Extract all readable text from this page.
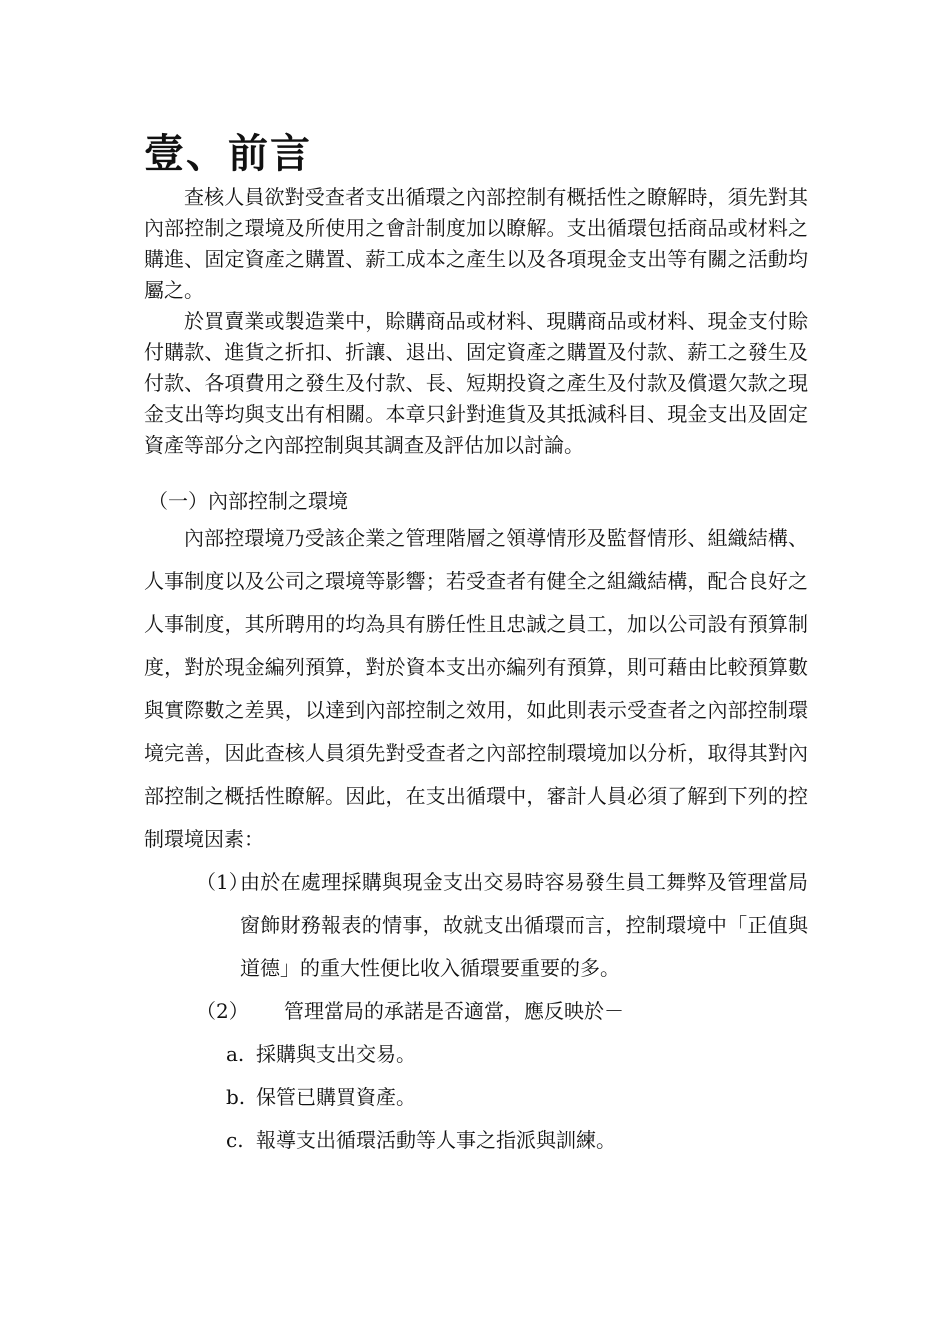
壹、前言

查核人員欲對受查者支出循環之內部控制有概括性之瞭解時，須先對其內部控制之環境及所使用之會計制度加以瞭解。支出循環包括商品或材料之購進、固定資產之購置、薪工成本之產生以及各項現金支出等有關之活動均屬之。

於買賣業或製造業中，賒購商品或材料、現購商品或材料、現金支付賒付購款、進貨之折扣、折讓、退出、固定資產之購置及付款、薪工之發生及付款、各項費用之發生及付款、長、短期投資之產生及付款及償還欠款之現金支出等均與支出有相關。本章只針對進貨及其抵減科目、現金支出及固定資產等部分之內部控制與其調查及評估加以討論。

（一）內部控制之環境

內部控環境乃受該企業之管理階層之領導情形及監督情形、組織結構、人事制度以及公司之環境等影響；若受查者有健全之組織結構，配合良好之人事制度，其所聘用的均為具有勝任性且忠誠之員工，加以公司設有預算制度，對於現金編列預算，對於資本支出亦編列有預算，則可藉由比較預算數與實際數之差異，以達到內部控制之效用，如此則表示受查者之內部控制環境完善，因此查核人員須先對受查者之內部控制環境加以分析，取得其對內部控制之概括性瞭解。因此，在支出循環中，審計人員必須了解到下列的控制環境因素：

（1）
由於在處理採購與現金支出交易時容易發生員工舞弊及管理當局窗飾財務報表的情事，故就支出循環而言，控制環境中「正值與道德」的重大性便比收入循環要重要的多。
（2）	管理當局的承諾是否適當，應反映於－
a. 採購與支出交易。
b. 保管已購買資產。
c. 報導支出循環活動等人事之指派與訓練。
